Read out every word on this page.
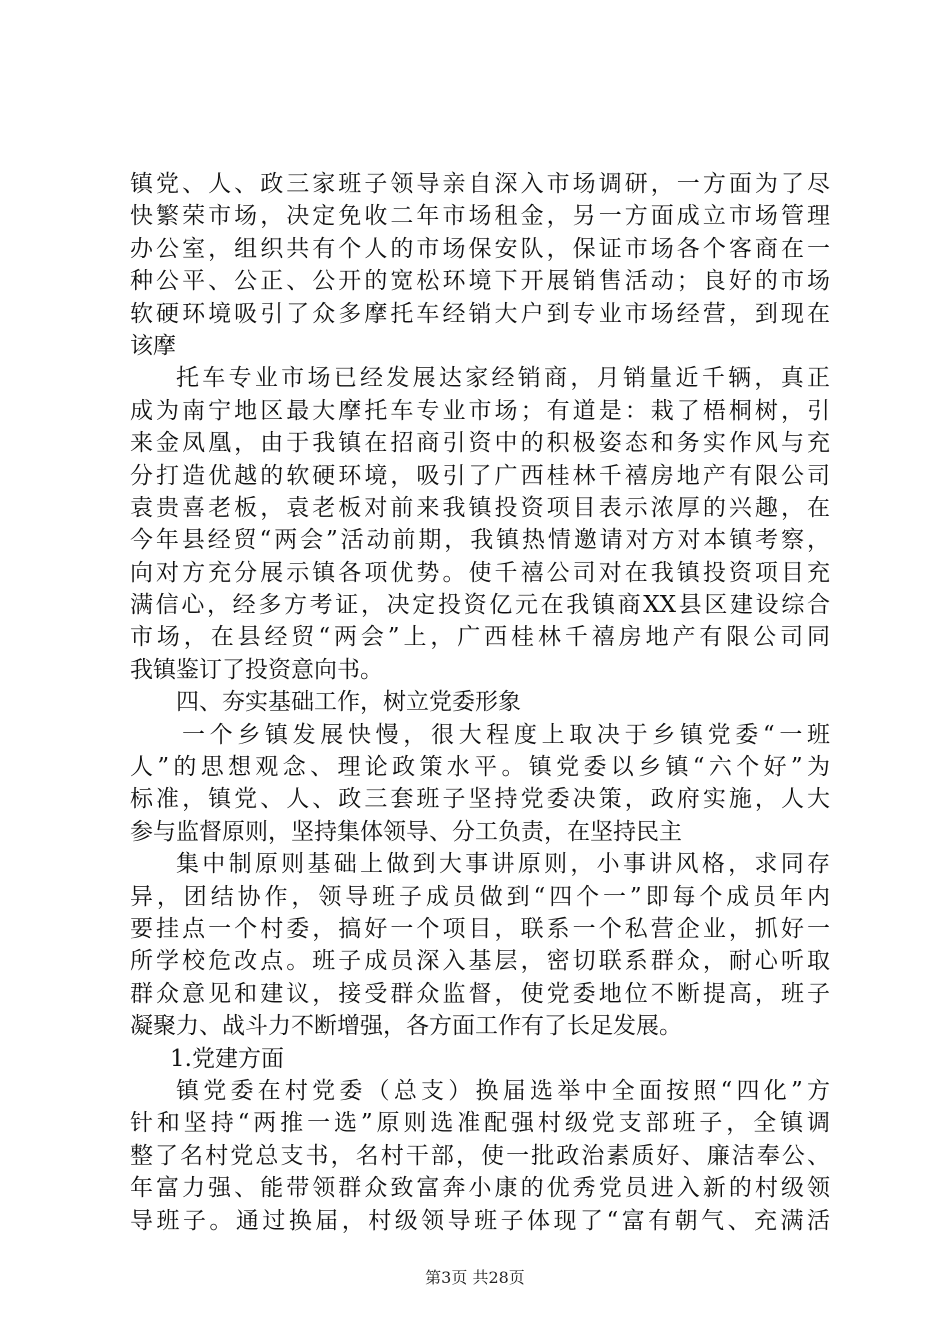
镇党、人、政三家班子领导亲自深入市场调研，一方面为了尽
快繁荣市场，决定免收二年市场租金，另一方面成立市场管理
办公室，组织共有个人的市场保安队，保证市场各个客商在一
种公平、公正、公开的宽松环境下开展销售活动；良好的市场
软硬环境吸引了众多摩托车经销大户到专业市场经营，到现在
该摩
托车专业市场已经发展达家经销商，月销量近千辆，真正
成为南宁地区最大摩托车专业市场；有道是：栽了梧桐树，引
来金凤凰，由于我镇在招商引资中的积极姿态和务实作风与充
分打造优越的软硬环境，吸引了广西桂林千禧房地产有限公司
袁贵喜老板，袁老板对前来我镇投资项目表示浓厚的兴趣，在
今年县经贸“两会”活动前期，我镇热情邀请对方对本镇考察，
向对方充分展示镇各项优势。使千禧公司对在我镇投资项目充
满信心，经多方考证，决定投资亿元在我镇商XX县区建设综合
市场，在县经贸“两会”上，广西桂林千禧房地产有限公司同
我镇鉴订了投资意向书。
四、夯实基础工作，树立党委形象
一个乡镇发展快慢，很大程度上取决于乡镇党委“一班
人”的思想观念、理论政策水平。镇党委以乡镇“六个好”为
标准，镇党、人、政三套班子坚持党委决策，政府实施，人大
参与监督原则，坚持集体领导、分工负责，在坚持民主
集中制原则基础上做到大事讲原则，小事讲风格，求同存
异，团结协作，领导班子成员做到“四个一”即每个成员年内
要挂点一个村委，搞好一个项目，联系一个私营企业，抓好一
所学校危改点。班子成员深入基层，密切联系群众，耐心听取
群众意见和建议，接受群众监督，使党委地位不断提高，班子
凝聚力、战斗力不断增强，各方面工作有了长足发展。
1.党建方面
镇党委在村党委（总支）换届选举中全面按照“四化”方
针和坚持“两推一选”原则选准配强村级党支部班子，全镇调
整了名村党总支书，名村干部，使一批政治素质好、廉洁奉公、
年富力强、能带领群众致富奔小康的优秀党员进入新的村级领
导班子。通过换届，村级领导班子体现了“富有朝气、充满活
第3页 共28页
